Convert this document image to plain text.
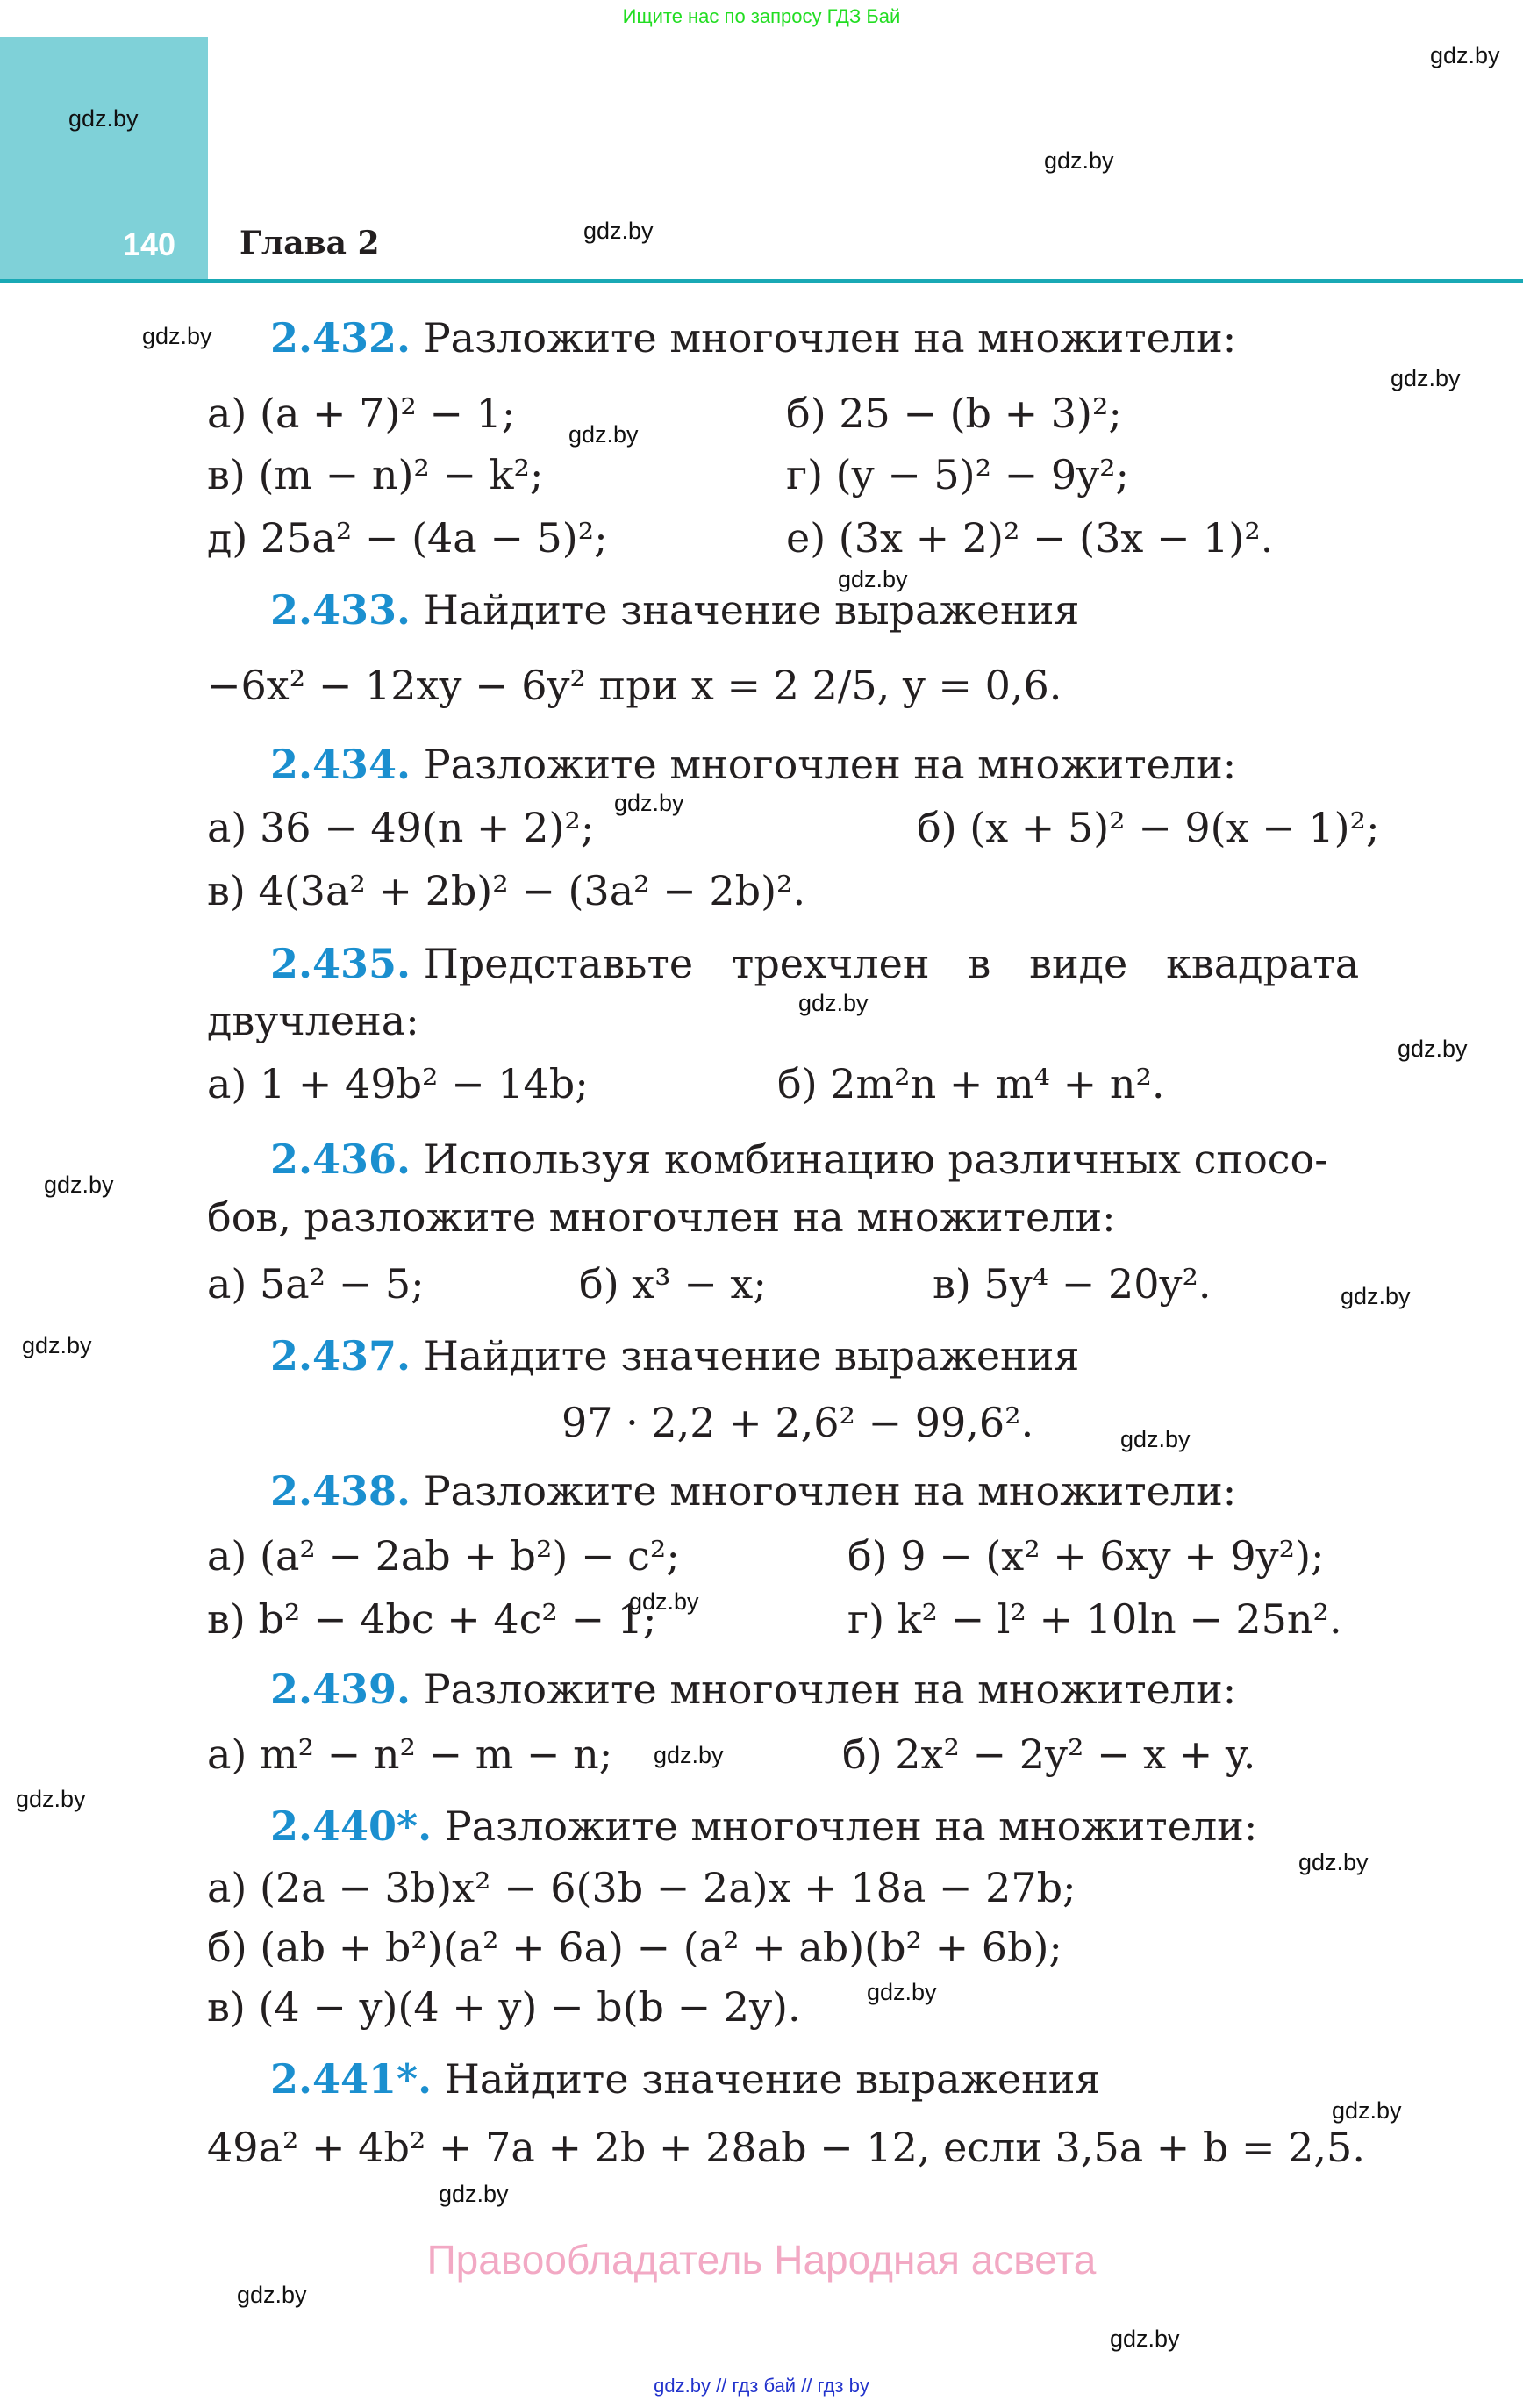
Ищите нас по запросу ГДЗ Бай
140 Глава 2
gdz.by
gdz.by
gdz.by
gdz.by
gdz.by
gdz.by
gdz.by
gdz.by
gdz.by
gdz.by
gdz.by
gdz.by
gdz.by
gdz.by
gdz.by
gdz.by
gdz.by
gdz.by
gdz.by
gdz.by
gdz.by
gdz.by
gdz.by
gdz.by
2.432. Разложите многочлен на множители:
а) (a + 7)² − 1;	б) 25 − (b + 3)²;
в) (m − n)² − k²;	г) (y − 5)² − 9y²;
д) 25a² − (4a − 5)²;	е) (3x + 2)² − (3x − 1)².
2.433. Найдите значение выражения
−6x² − 12xy − 6y² при x = 2 2/5, y = 0,6.
2.434. Разложите многочлен на множители:
а) 36 − 49(n + 2)²;	б) (x + 5)² − 9(x − 1)²;
в) 4(3a² + 2b)² − (3a² − 2b)².
2.435. Представьте   трехчлен   в   виде   квадрата
двучлена:
а) 1 + 49b² − 14b;	б) 2m²n + m⁴ + n².
2.436. Используя комбинацию различных спосо-
бов, разложите многочлен на множители:
а) 5a² − 5;	б) x³ − x;	в) 5y⁴ − 20y².
2.437. Найдите значение выражения
97 · 2,2 + 2,6² − 99,6².
2.438. Разложите многочлен на множители:
а) (a² − 2ab + b²) − c²;	б) 9 − (x² + 6xy + 9y²);
в) b² − 4bc + 4c² − 1;	г) k² − l² + 10ln − 25n².
2.439. Разложите многочлен на множители:
а) m² − n² − m − n;	б) 2x² − 2y² − x + y.
2.440*. Разложите многочлен на множители:
а) (2a − 3b)x² − 6(3b − 2a)x + 18a − 27b;
б) (ab + b²)(a² + 6a) − (a² + ab)(b² + 6b);
в) (4 − y)(4 + y) − b(b − 2y).
2.441*. Найдите значение выражения
49a² + 4b² + 7a + 2b + 28ab − 12, если 3,5a + b = 2,5.
Правообладатель Народная асвета
gdz.by // гдз бай // гдз by
